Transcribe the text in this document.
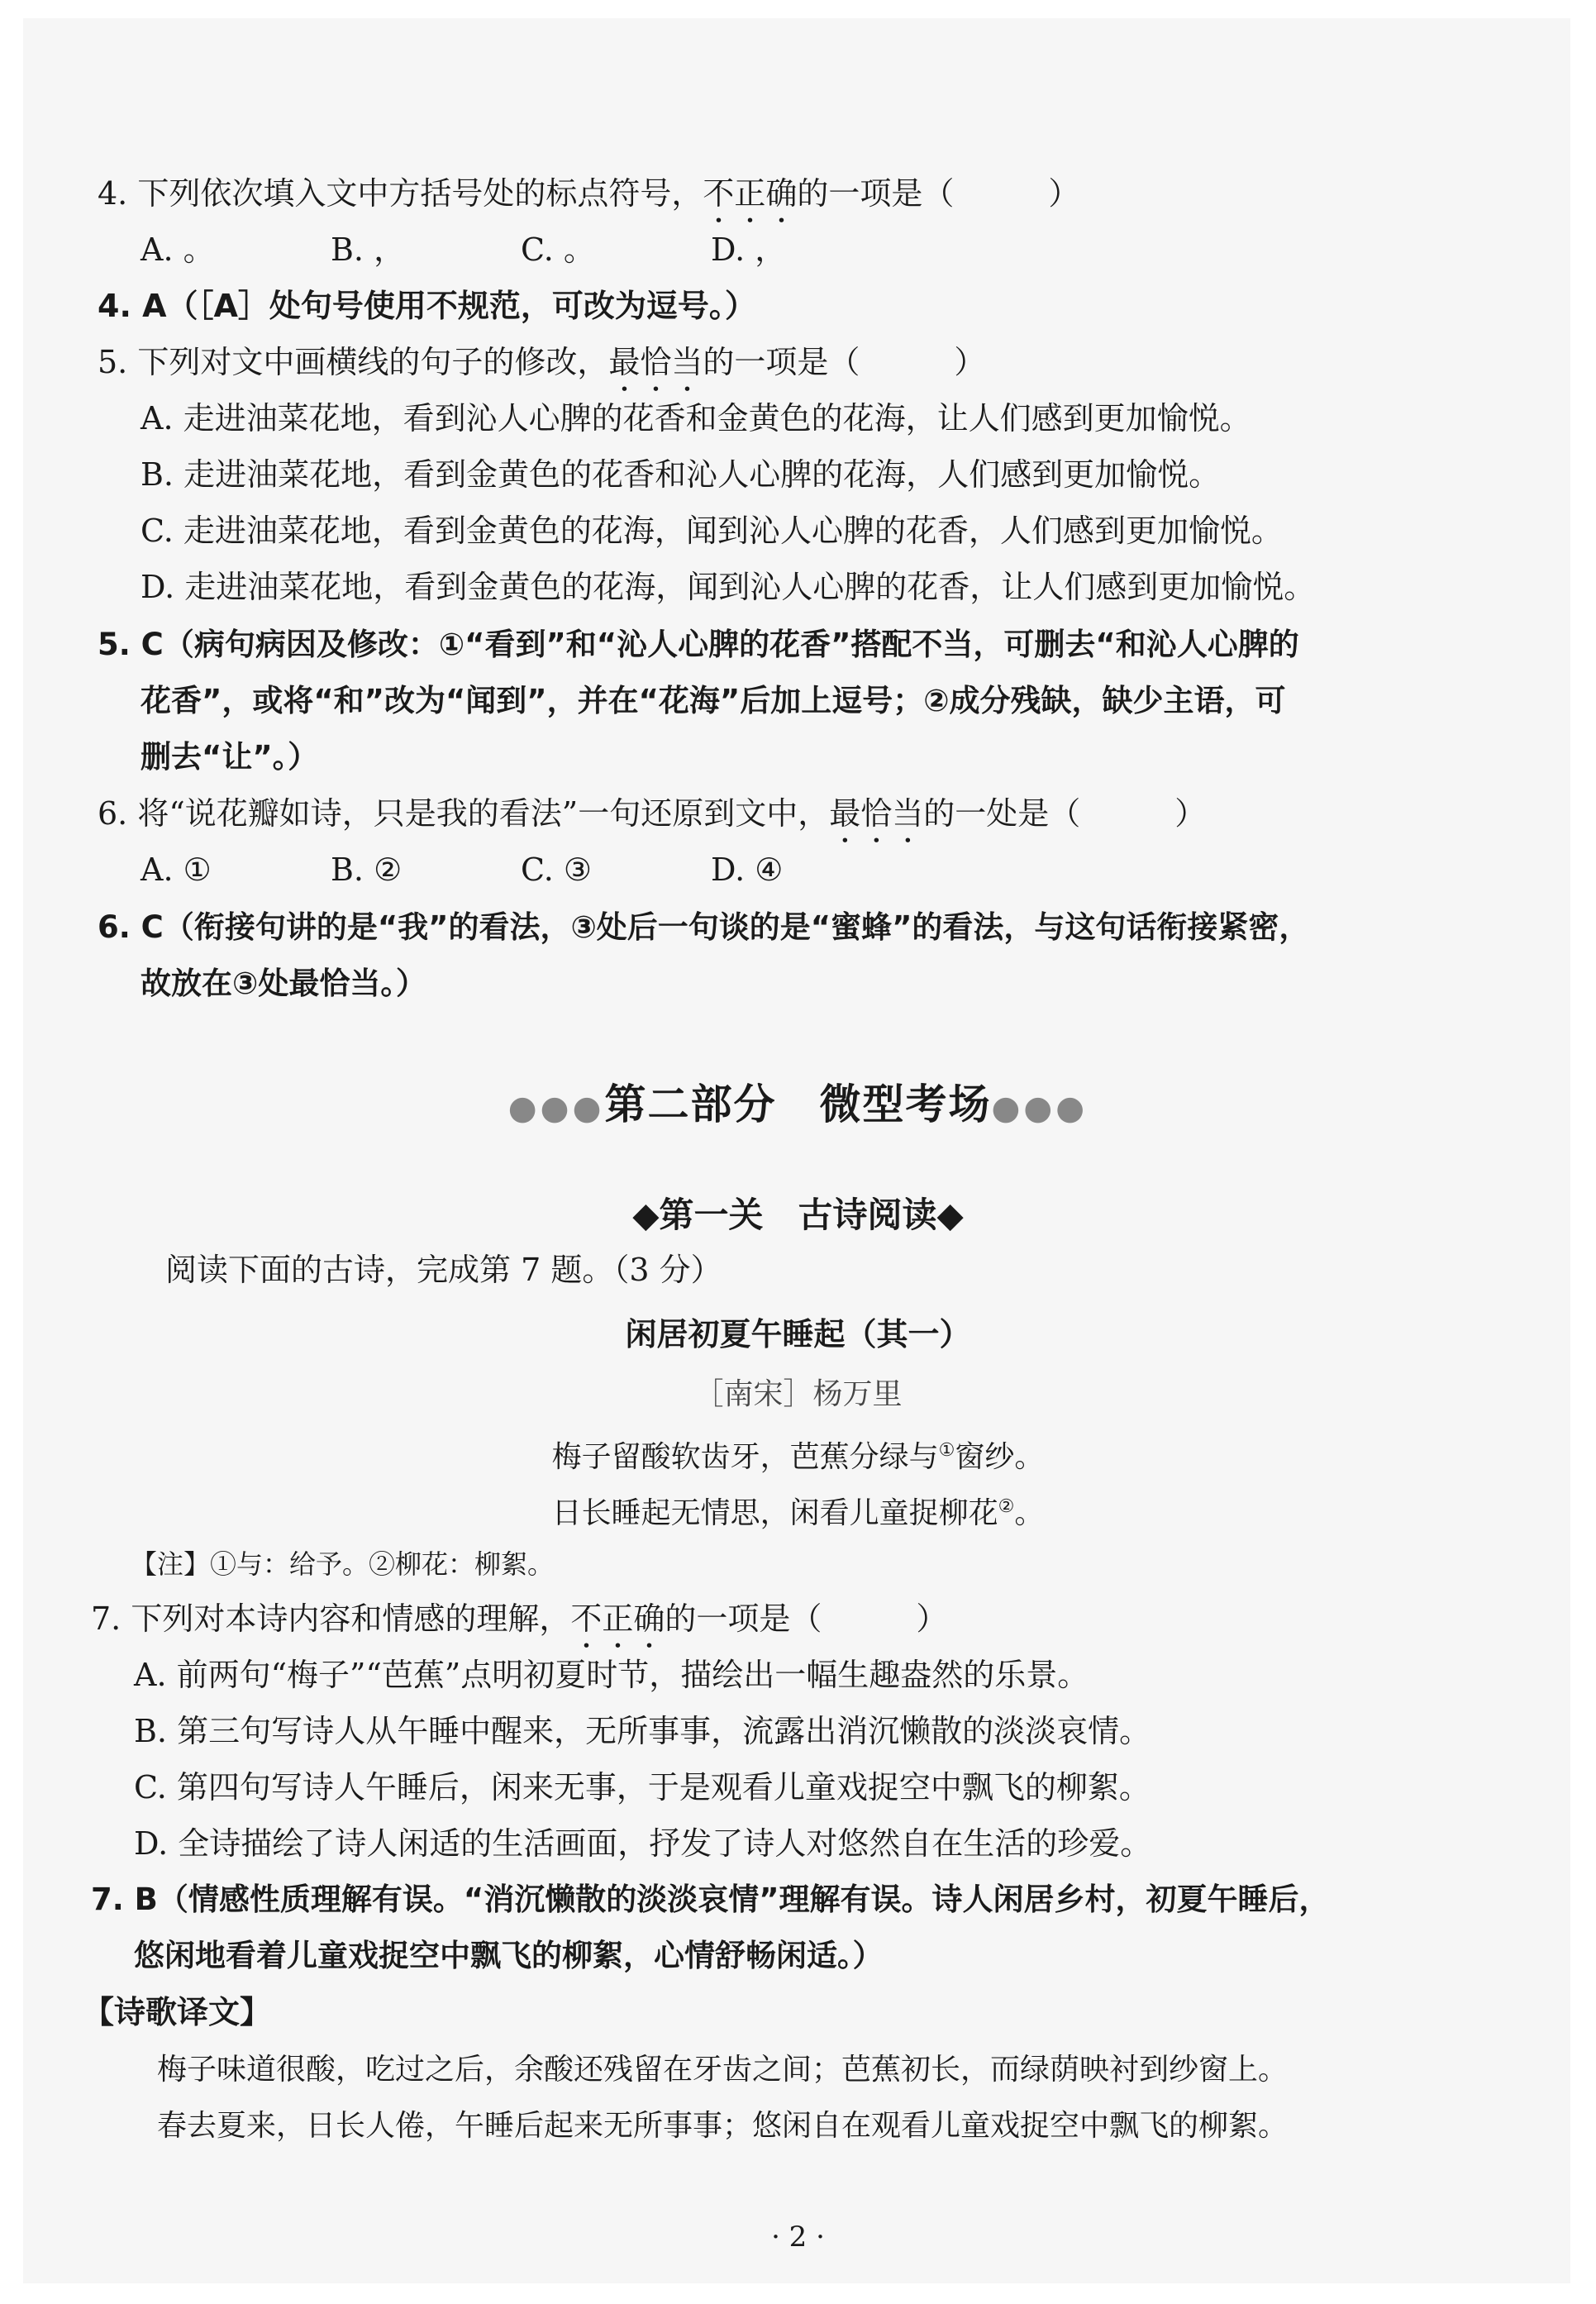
4. 下列依次填入文中方括号处的标点符号，不正确的一项是（　　　）
A. 。	B. ，	C. 。	D. ，
4. A（［A］处句号使用不规范，可改为逗号。）
5. 下列对文中画横线的句子的修改，最恰当的一项是（　　　）
A. 走进油菜花地，看到沁人心脾的花香和金黄色的花海，让人们感到更加愉悦。
B. 走进油菜花地，看到金黄色的花香和沁人心脾的花海，人们感到更加愉悦。
C. 走进油菜花地，看到金黄色的花海，闻到沁人心脾的花香，人们感到更加愉悦。
D. 走进油菜花地，看到金黄色的花海，闻到沁人心脾的花香，让人们感到更加愉悦。
5. C（病句病因及修改：①“看到”和“沁人心脾的花香”搭配不当，可删去“和沁人心脾的
花香”，或将“和”改为“闻到”，并在“花海”后加上逗号；②成分残缺，缺少主语，可
删去“让”。）
6. 将“说花瓣如诗，只是我的看法”一句还原到文中，最恰当的一处是（　　　）
A. ①	B. ②	C. ③	D. ④
6. C（衔接句讲的是“我”的看法，③处后一句谈的是“蜜蜂”的看法，与这句话衔接紧密，
故放在③处最恰当。）
●●●第二部分　微型考场●●●
◆第一关　古诗阅读◆
阅读下面的古诗，完成第 7 题。（3 分）
闲居初夏午睡起（其一）
［南宋］杨万里
梅子留酸软齿牙，芭蕉分绿与①窗纱。
日长睡起无情思，闲看儿童捉柳花②。
【注】①与：给予。②柳花：柳絮。
7. 下列对本诗内容和情感的理解，不正确的一项是（　　　）
A. 前两句“梅子”“芭蕉”点明初夏时节，描绘出一幅生趣盎然的乐景。
B. 第三句写诗人从午睡中醒来，无所事事，流露出消沉懒散的淡淡哀情。
C. 第四句写诗人午睡后，闲来无事，于是观看儿童戏捉空中飘飞的柳絮。
D. 全诗描绘了诗人闲适的生活画面，抒发了诗人对悠然自在生活的珍爱。
7. B（情感性质理解有误。“消沉懒散的淡淡哀情”理解有误。诗人闲居乡村，初夏午睡后，
悠闲地看着儿童戏捉空中飘飞的柳絮，心情舒畅闲适。）
【诗歌译文】
梅子味道很酸，吃过之后，余酸还残留在牙齿之间；芭蕉初长，而绿荫映衬到纱窗上。
春去夏来，日长人倦，午睡后起来无所事事；悠闲自在观看儿童戏捉空中飘飞的柳絮。
· 2 ·
